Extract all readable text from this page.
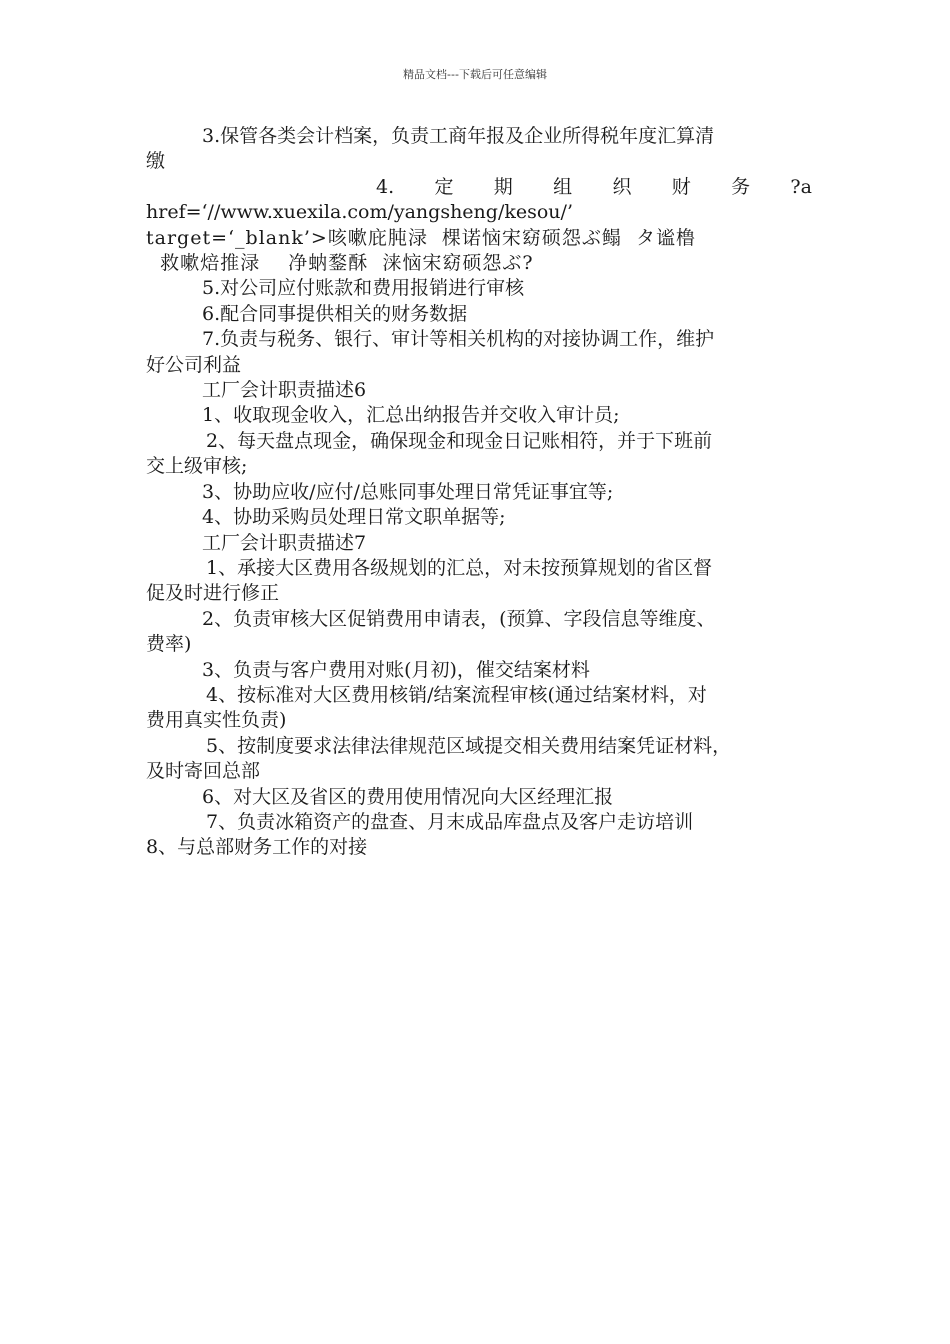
精品文档---下载后可任意编辑

3.保管各类会计档案，负责工商年报及企业所得税年度汇算清

缴

4. 定 期 组 织 财 务 ?a

href=‘//www.xuexila.com/yangsheng/kesou/’

target=‘_blank’>咳嗽庇肫渌  棵诺恼宋窈硕怨ぶ鳎  タ谧橹

救嗽焙推渌    净蚋鍪酥  涞恼宋窈硕怨ぶ?

5.对公司应付账款和费用报销进行审核

6.配合同事提供相关的财务数据

7.负责与税务、银行、审计等相关机构的对接协调工作，维护

好公司利益

工厂会计职责描述6

1、收取现金收入，汇总出纳报告并交收入审计员;

2、每天盘点现金，确保现金和现金日记账相符，并于下班前

交上级审核;

3、协助应收/应付/总账同事处理日常凭证事宜等;

4、协助采购员处理日常文职单据等;

工厂会计职责描述7

1、承接大区费用各级规划的汇总，对未按预算规划的省区督

促及时进行修正

2、负责审核大区促销费用申请表，(预算、字段信息等维度、

费率)

3、负责与客户费用对账(月初)，催交结案材料

4、按标准对大区费用核销/结案流程审核(通过结案材料，对

费用真实性负责)

5、按制度要求法律法律规范区域提交相关费用结案凭证材料，

及时寄回总部

6、对大区及省区的费用使用情况向大区经理汇报

7、负责冰箱资产的盘查、月末成品库盘点及客户走访培训

8、与总部财务工作的对接
